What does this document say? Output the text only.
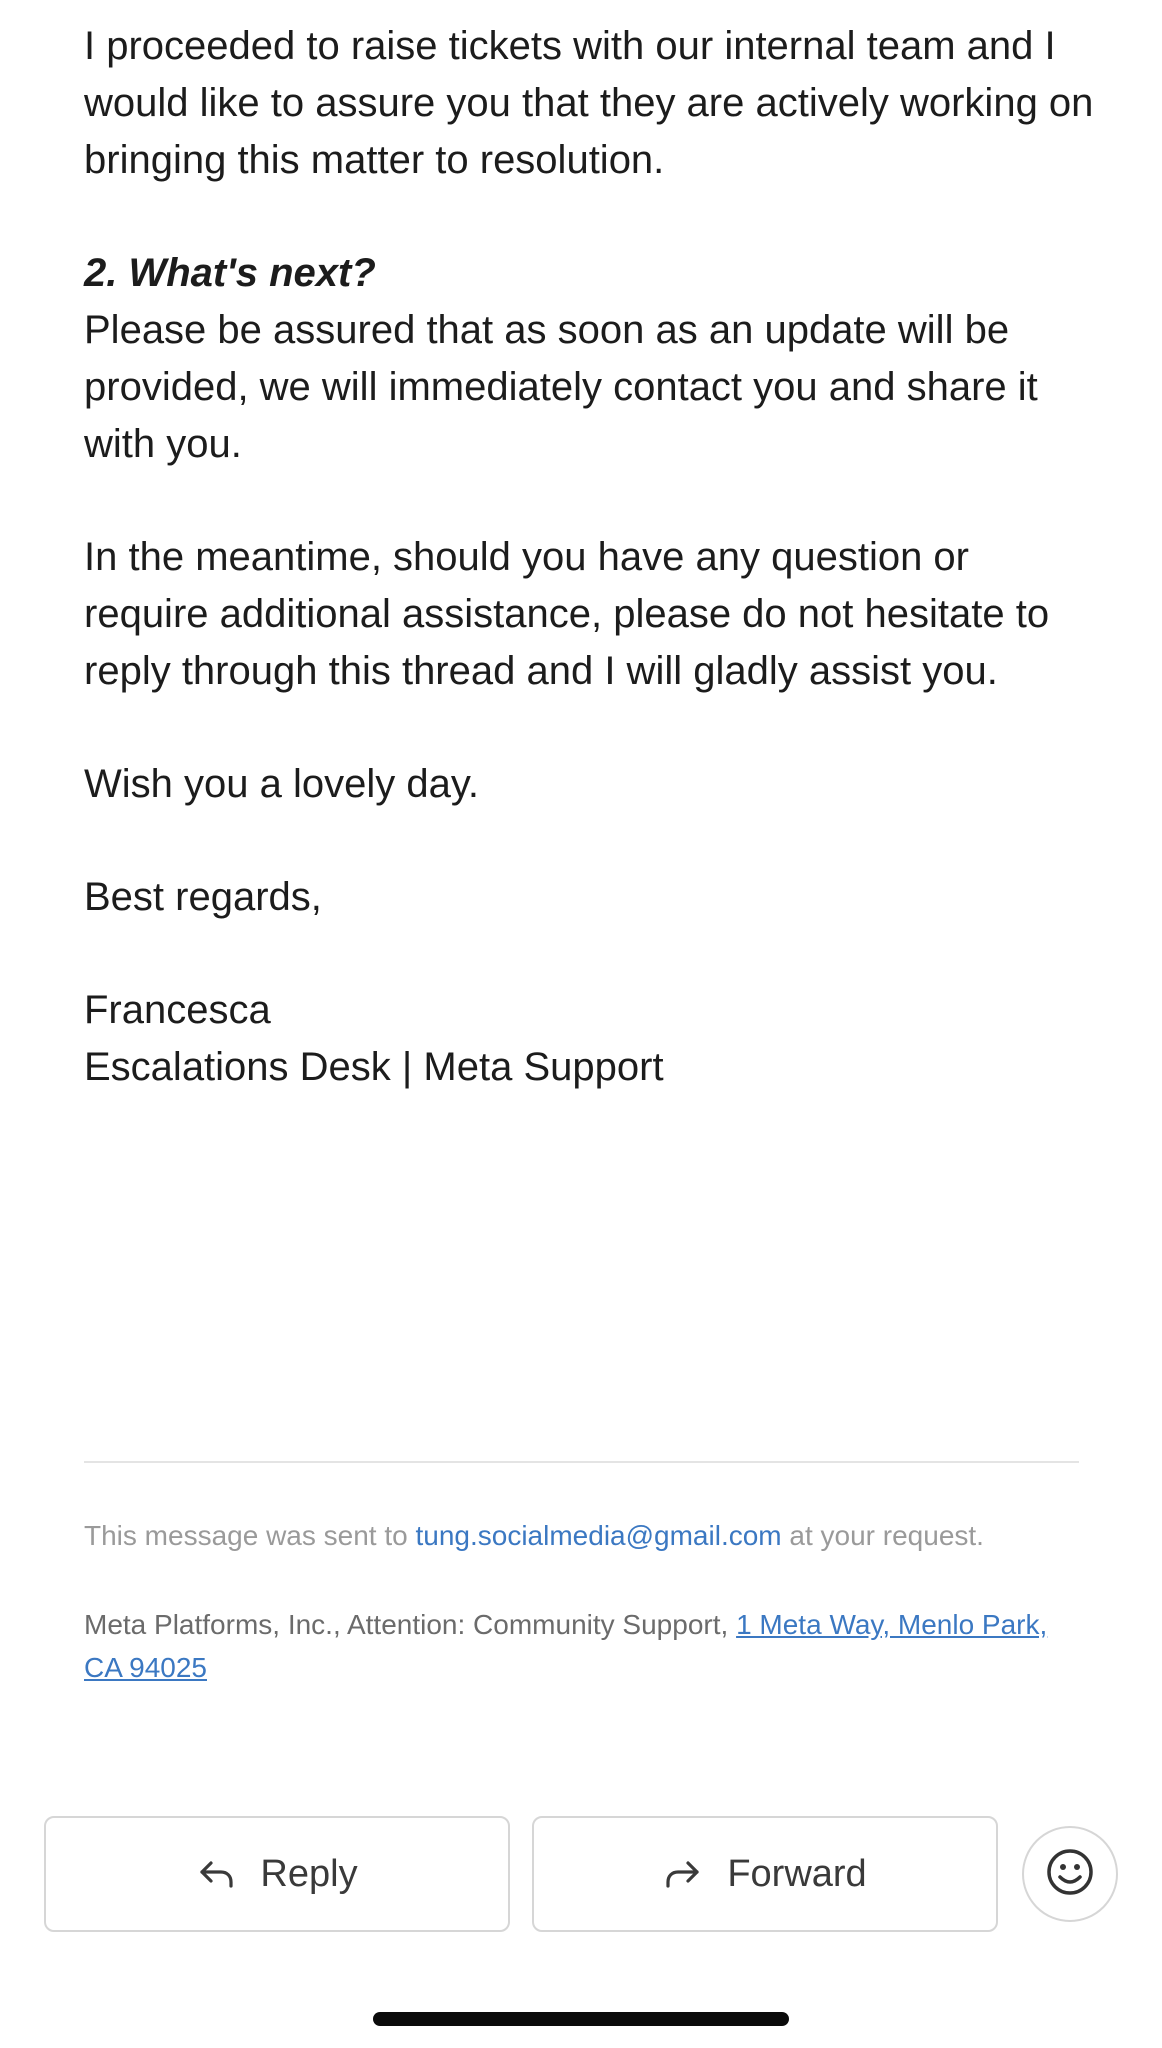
I proceeded to raise tickets with our internal team and I would like to assure you that they are actively working on bringing this matter to resolution.

2. What's next?

Please be assured that as soon as an update will be provided, we will immediately contact you and share it with you.

In the meantime, should you have any question or require additional assistance, please do not hesitate to reply through this thread and I will gladly assist you.

Wish you a lovely day.

Best regards,

Francesca

Escalations Desk | Meta Support

This message was sent to tung.socialmedia@gmail.com at your request.
Meta Platforms, Inc., Attention: Community Support, 1 Meta Way, Menlo Park, CA 94025
Reply	Forward
